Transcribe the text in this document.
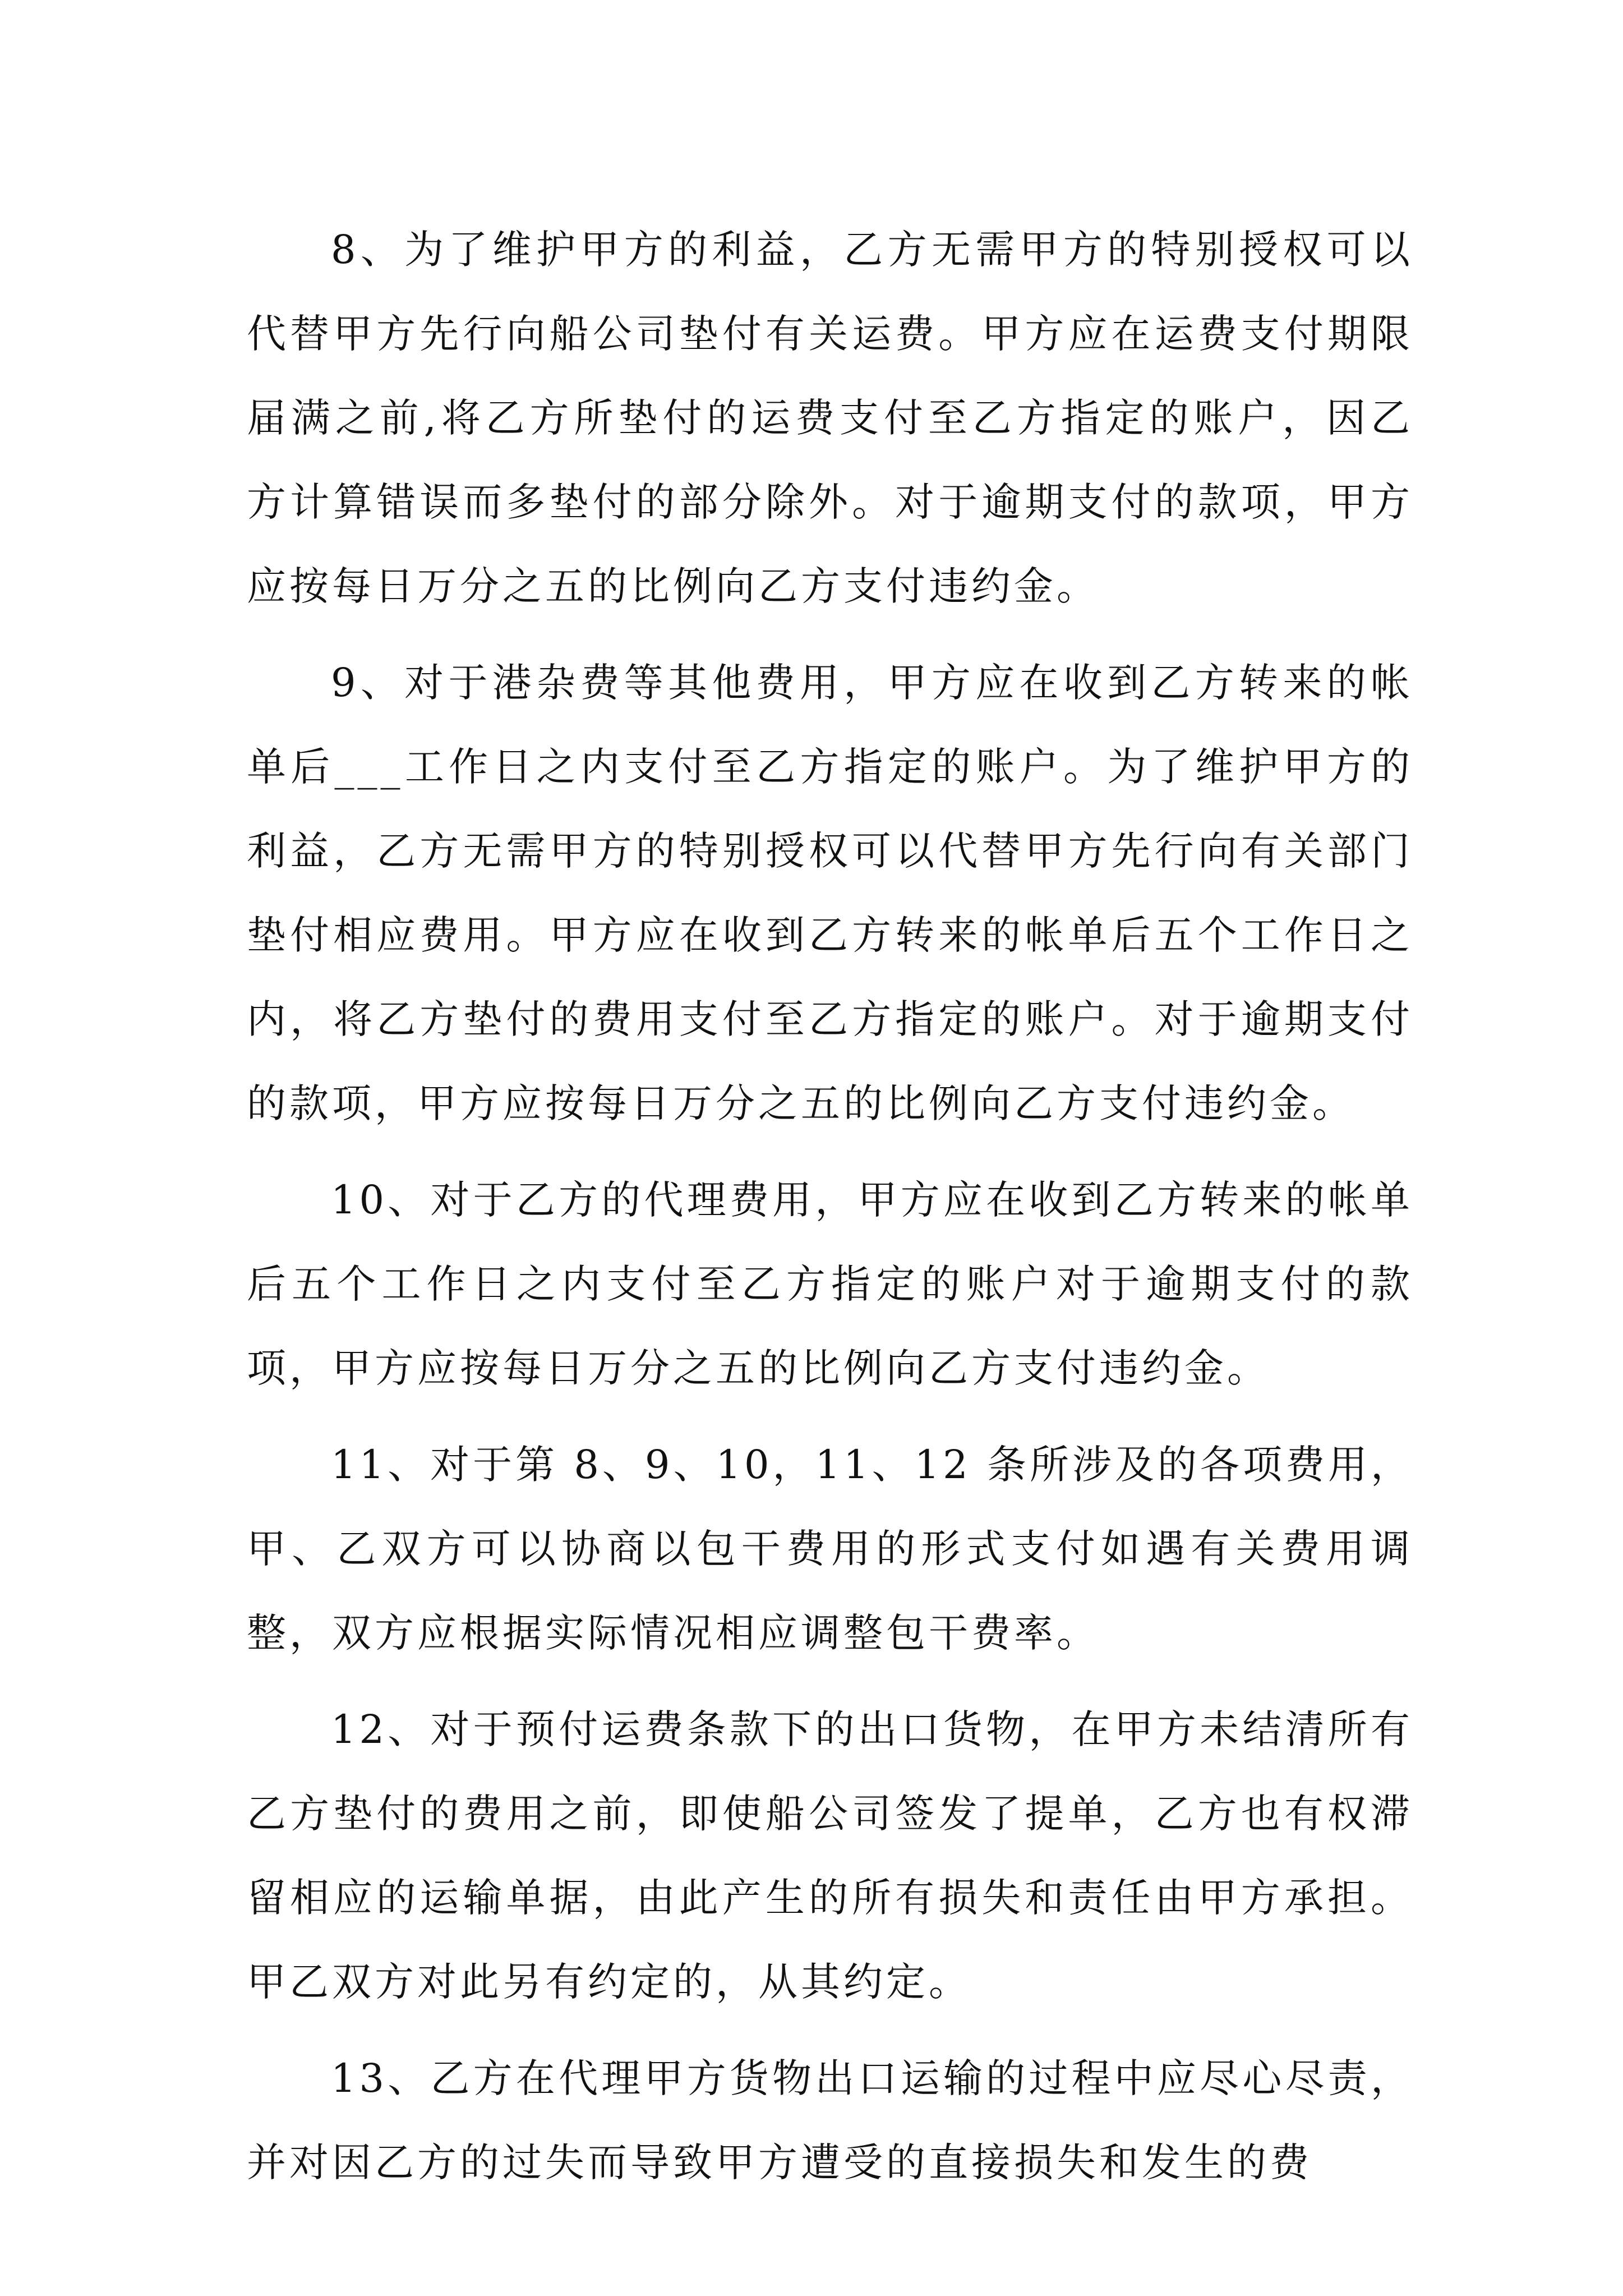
8、为了维护甲方的利益，乙方无需甲方的特别授权可以代替甲方先行向船公司垫付有关运费。甲方应在运费支付期限届满之前,将乙方所垫付的运费支付至乙方指定的账户，因乙方计算错误而多垫付的部分除外。对于逾期支付的款项，甲方应按每日万分之五的比例向乙方支付违约金。

9、对于港杂费等其他费用，甲方应在收到乙方转来的帐单后___工作日之内支付至乙方指定的账户。为了维护甲方的利益，乙方无需甲方的特别授权可以代替甲方先行向有关部门垫付相应费用。甲方应在收到乙方转来的帐单后五个工作日之内，将乙方垫付的费用支付至乙方指定的账户。对于逾期支付的款项，甲方应按每日万分之五的比例向乙方支付违约金。

10、对于乙方的代理费用，甲方应在收到乙方转来的帐单后五个工作日之内支付至乙方指定的账户对于逾期支付的款项，甲方应按每日万分之五的比例向乙方支付违约金。

11、对于第 8、9、10，11、12 条所涉及的各项费用，甲、乙双方可以协商以包干费用的形式支付如遇有关费用调整，双方应根据实际情况相应调整包干费率。

12、对于预付运费条款下的出口货物，在甲方未结清所有乙方垫付的费用之前，即使船公司签发了提单，乙方也有权滞留相应的运输单据，由此产生的所有损失和责任由甲方承担。甲乙双方对此另有约定的，从其约定。

13、乙方在代理甲方货物出口运输的过程中应尽心尽责，并对因乙方的过失而导致甲方遭受的直接损失和发生的费
